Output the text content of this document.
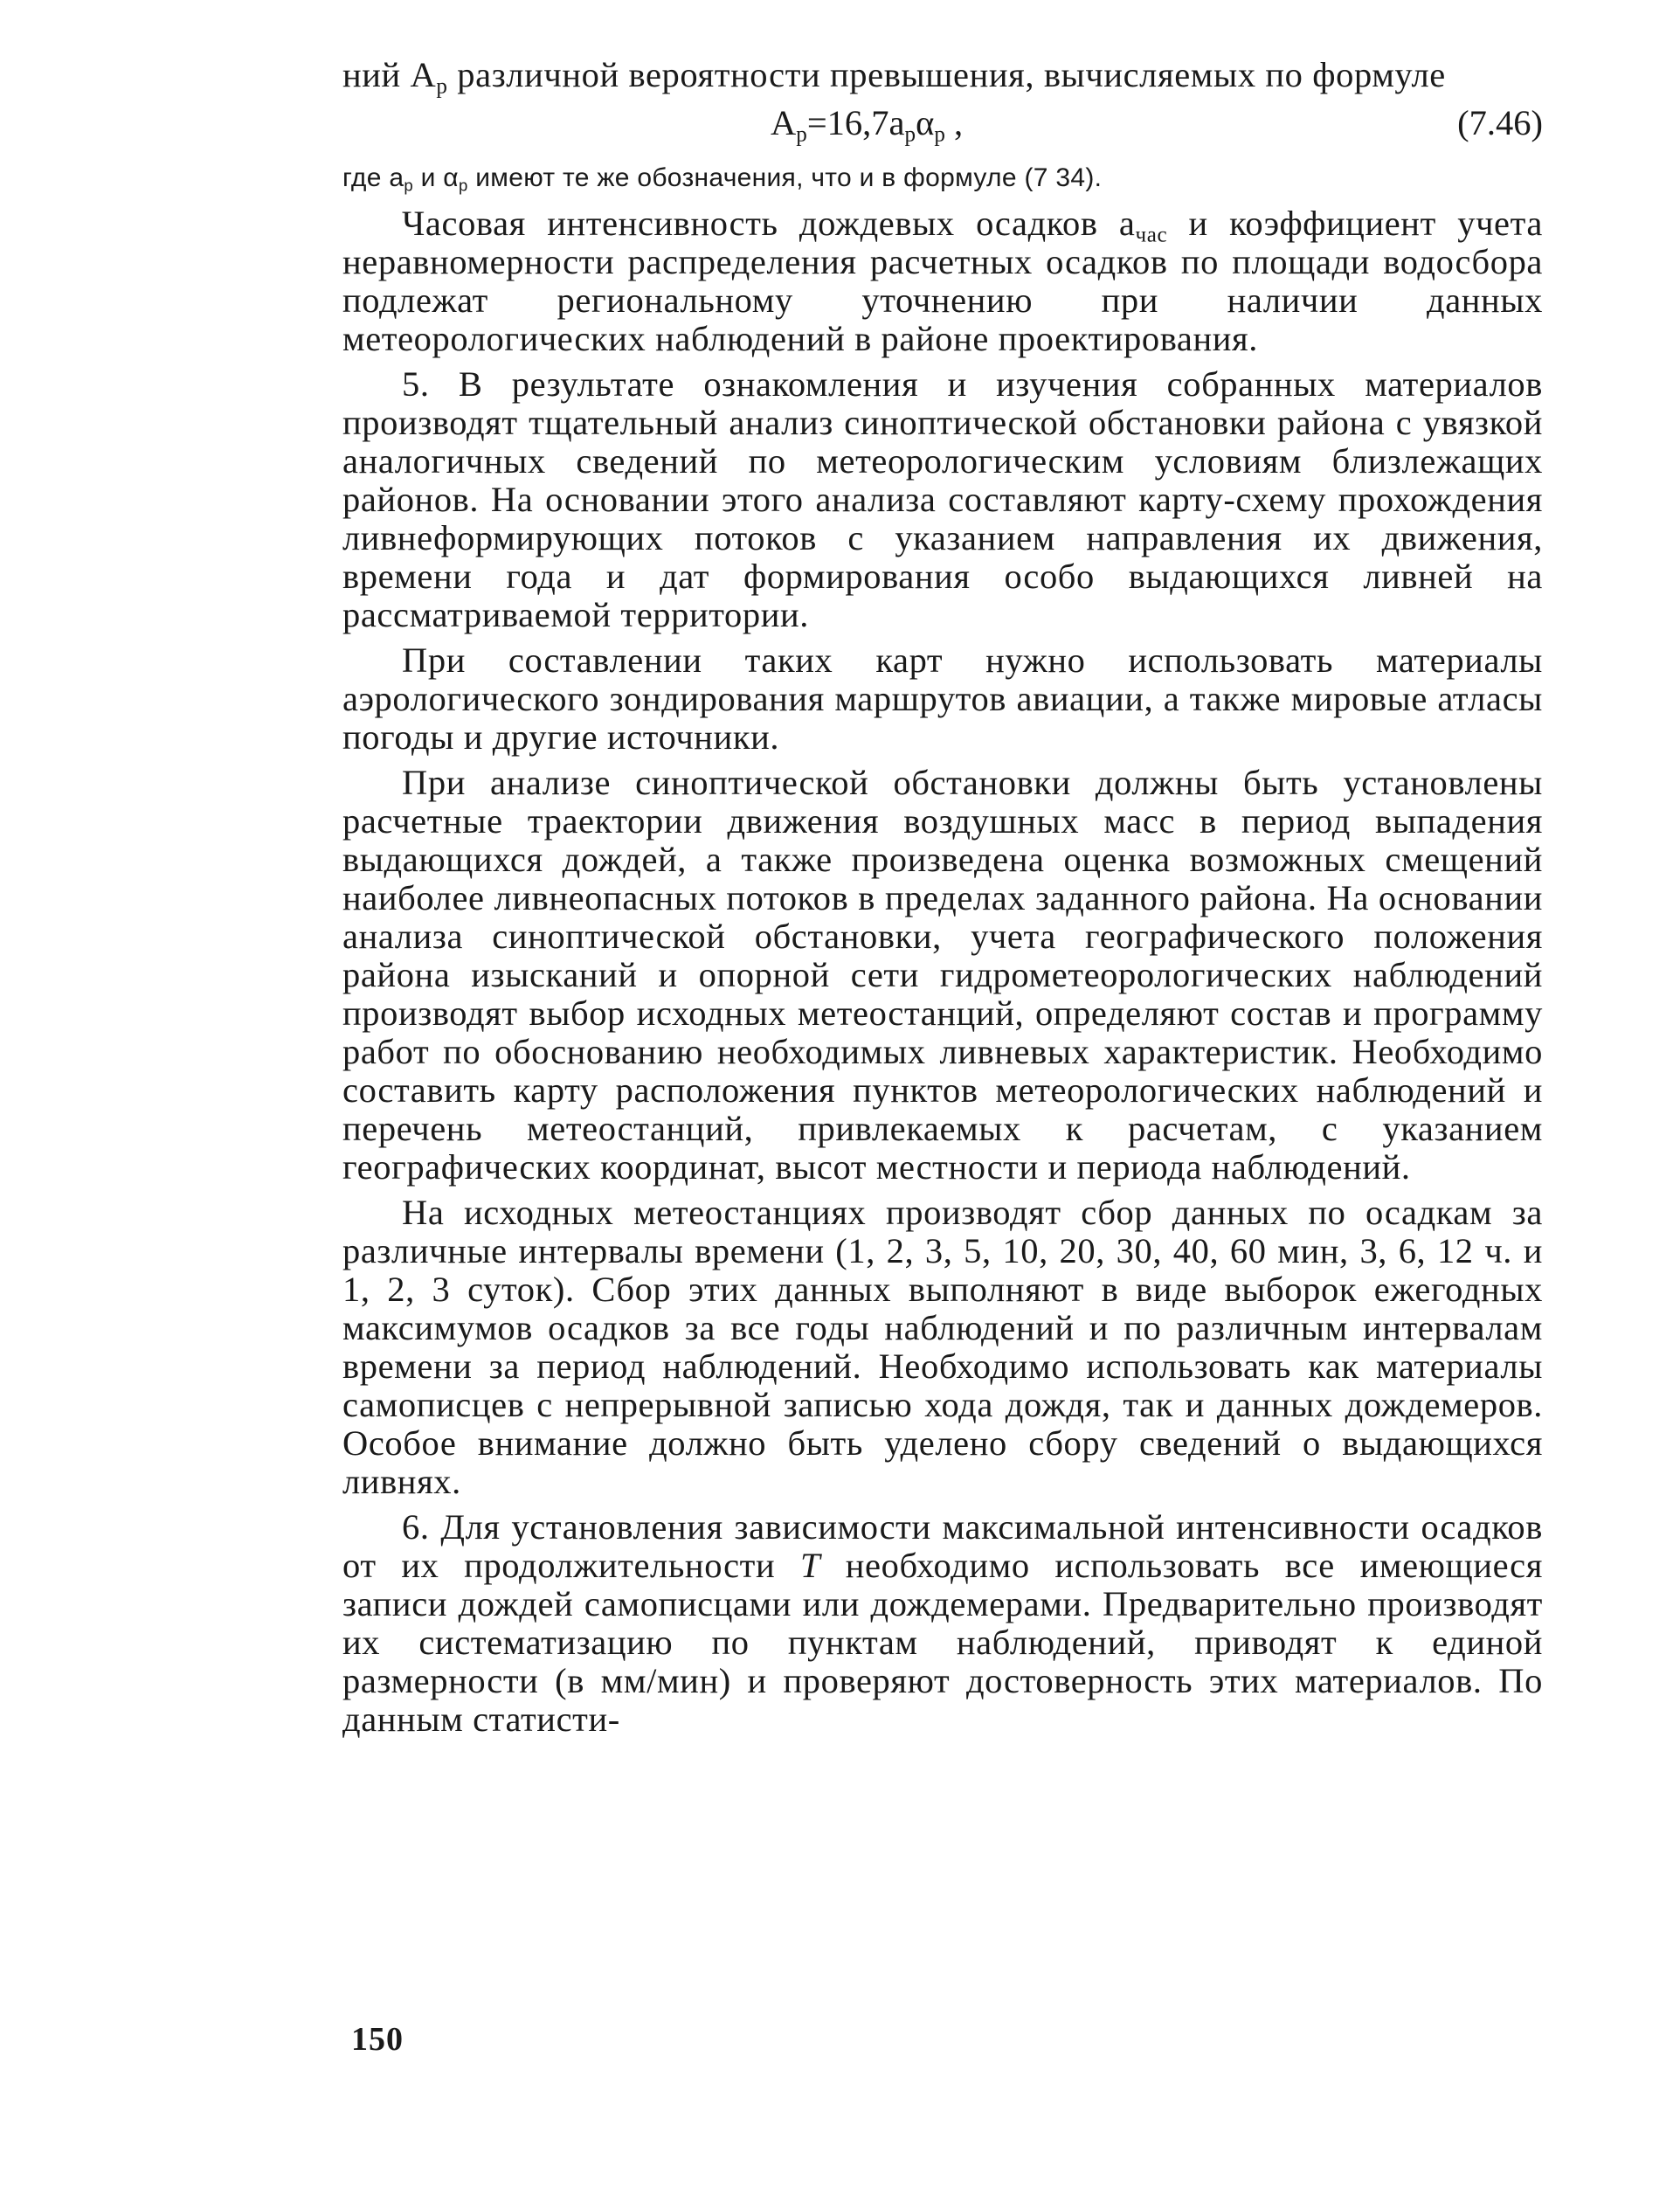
ний $A_p$ различной вероятности превышения, вычисляемых по формуле

$A_p=16,7a_p\alpha_p$ ,	(7.46)

где $a_p$ и $\alpha_p$ имеют те же обозначения, что и в формуле (7 34).

Часовая интенсивность дождевых осадков $a_{час}$ и коэффициент учета неравномерности распределения расчетных осадков по площади водосбора подлежат региональному уточнению при наличии данных метеорологических наблюдений в районе проектирования.

5. В результате ознакомления и изучения собранных материалов производят тщательный анализ синоптической обстановки района с увязкой аналогичных сведений по метеорологическим условиям близлежащих районов. На основании этого анализа составляют карту-схему прохождения ливнеформирующих потоков с указанием направления их движения, времени года и дат формирования особо выдающихся ливней на рассматриваемой территории.

При составлении таких карт нужно использовать материалы аэрологического зондирования маршрутов авиации, а также мировые атласы погоды и другие источники.

При анализе синоптической обстановки должны быть установлены расчетные траектории движения воздушных масс в период выпадения выдающихся дождей, а также произведена оценка возможных смещений наиболее ливнеопасных потоков в пределах заданного района. На основании анализа синоптической обстановки, учета географического положения района изысканий и опорной сети гидрометеорологических наблюдений производят выбор исходных метеостанций, определяют состав и программу работ по обоснованию необходимых ливневых характеристик. Необходимо составить карту расположения пунктов метеорологических наблюдений и перечень метеостанций, привлекаемых к расчетам, с указанием географических координат, высот местности и периода наблюдений.

На исходных метеостанциях производят сбор данных по осадкам за различные интервалы времени (1, 2, 3, 5, 10, 20, 30, 40, 60 мин, 3, 6, 12 ч. и 1, 2, 3 суток). Сбор этих данных выполняют в виде выборок ежегодных максимумов осадков за все годы наблюдений и по различным интервалам времени за период наблюдений. Необходимо использовать как материалы самописцев с непрерывной записью хода дождя, так и данных дождемеров. Особое внимание должно быть уделено сбору сведений о выдающихся ливнях.

6. Для установления зависимости максимальной интенсивности осадков от их продолжительности T необходимо использовать все имеющиеся записи дождей самописцами или дождемерами. Предварительно производят их систематизацию по пунктам наблюдений, приводят к единой размерности (в мм/мин) и проверяют достоверность этих материалов. По данным статисти-

150
